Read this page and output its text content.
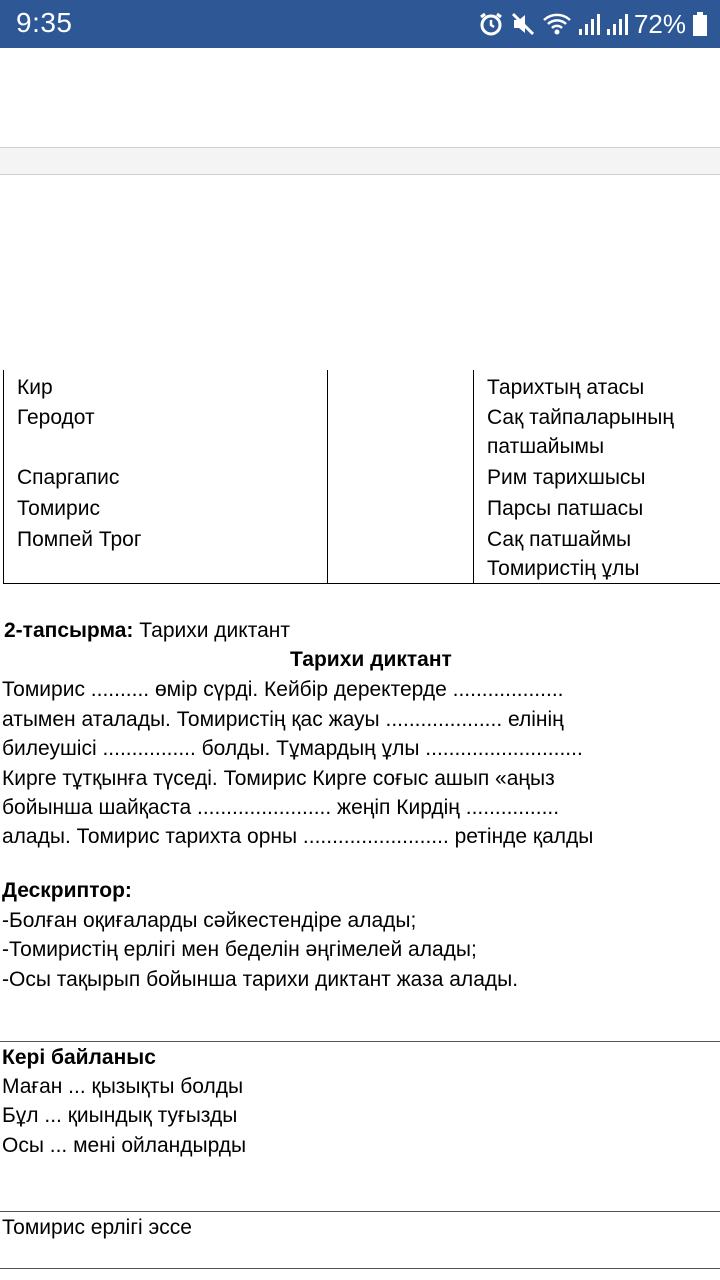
9:35	72%
Кир
Геродот
Спаргапис
Томирис
Помпей Трог
Тарихтың атасы
Сақ тайпаларының
патшайымы
Рим тарихшысы
Парсы патшасы
Сақ патшаймы
Томиристің ұлы
2-тапсырма: Тарихи диктант
Тарихи диктант
Томирис .......... өмір сүрді. Кейбір деректерде ...................
атымен аталады. Томиристің қас жауы .................... елінің
билеушісі ................ болды. Тұмардың ұлы ...........................
Кирге тұтқынға түседі. Томирис Кирге соғыс ашып «аңыз
бойынша шайқаста ....................... жеңіп Кирдің ................
алады. Томирис тарихта орны ......................... ретінде қалды
Дескриптор:
-Болған оқиғаларды сәйкестендіре алады;
-Томиристің ерлігі мен беделін әңгімелей алады;
-Осы тақырып бойынша тарихи диктант жаза алады.
Кері байланыс
Маған ... қызықты болды
Бұл ... қиындық туғызды
Осы ... мені ойландырды
Томирис ерлігі эссе
